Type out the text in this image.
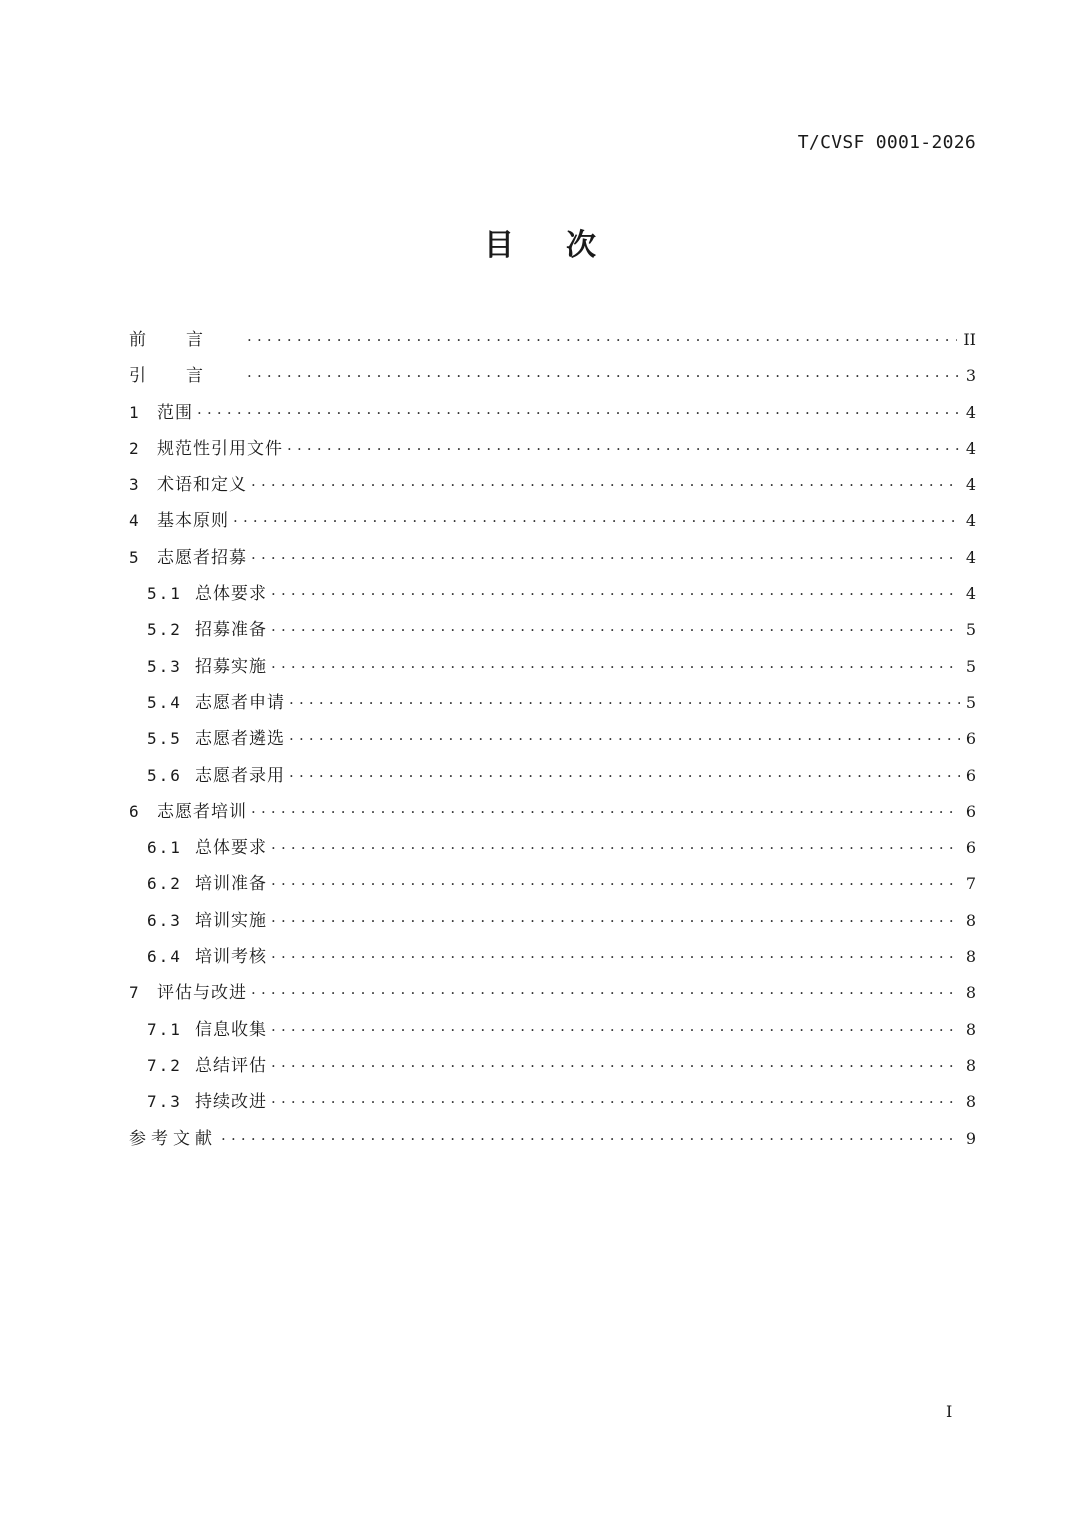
T/CVSF 0001-2026
目次
前言 ·····	II
引言 ·····	3
1	范围 ·····	4
2	规范性引用文件 ·····	4
3	术语和定义 ·····	4
4	基本原则 ·····	4
5	志愿者招募 ·····	4
5.1 总体要求 ·····	4
5.2 招募准备 ·····	5
5.3 招募实施 ·····	5
5.4 志愿者申请 ·····	5
5.5 志愿者遴选 ·····	6
5.6 志愿者录用 ·····	6
6	志愿者培训 ·····	6
6.1 总体要求 ·····	6
6.2 培训准备 ·····	7
6.3 培训实施 ·····	8
6.4 培训考核 ·····	8
7	评估与改进 ·····	8
7.1 信息收集 ·····	8
7.2 总结评估 ·····	8
7.3 持续改进 ·····	8
参考文献 ·····	9
I
